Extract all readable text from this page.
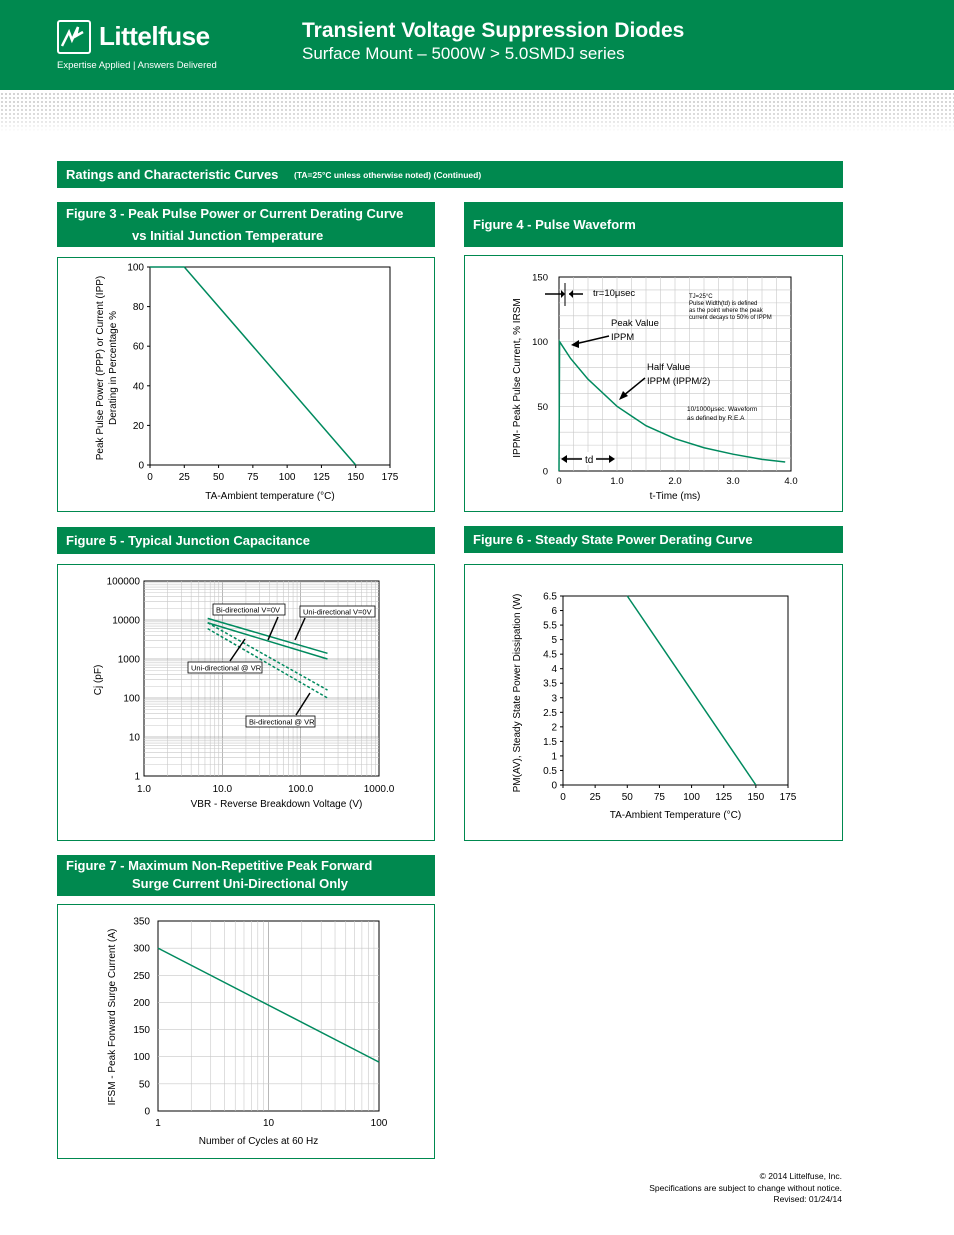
Littelfuse
Expertise Applied | Answers Delivered
Transient Voltage Suppression Diodes
Surface Mount – 5000W > 5.0SMDJ series
Ratings and Characteristic Curves (TA=25°C unless otherwise noted) (Continued)
Figure 3 - Peak Pulse Power or Current Derating Curve
vs Initial Junction Temperature
Figure 4 - Pulse Waveform
Figure 5 - Typical Junction Capacitance	Figure 6 - Steady State Power Derating Curve
Figure 7 - Maximum Non-Repetitive Peak Forward
Surge Current Uni-Directional Only
0	25 50 75 100 125 150 175
0
20
40
60
80
100
TA-Ambient temperature (°C)
Peak Pulse Power (PPP) or Current (IPP) Derating in Percentage %
0	1.0	2.0	3.0	4.0
0
50
100
150
t-Time (ms)
IPPM- Peak Pulse Current, % IRSM
tr=10μsec
Peak Value
IPPM
Half Value
IPPM (IPPM/2)
TJ=25°C
Pulse Width(td) is defined
as the point where the peak
current decays to 50% of IPPM
10/1000μsec. Waveform
as defined by R.E.A
td
1.0	10.0	100.0	1000.0
1
10
100
1000
10000
100000
Bi-directional V=0V	Uni-directional V=0V
Uni-directional @ VR
Bi-directional @ VR
VBR - Reverse Breakdown Voltage (V)
Cj (pF)
0 25 50 75 100 125 150 175
0
0.5
1
1.5
2
2.5
3
3.5
4
4.5
5
5.5
6
6.5
TA-Ambient Temperature (°C)
PM(AV), Steady State Power Dissipation (W)
1	10	100
0
50
100
150
200
250
300
350
Number of Cycles at 60 Hz
IFSM - Peak Forward Surge Current (A)
© 2014 Littelfuse, Inc.
Specifications are subject to change without notice.
Revised: 01/24/14
